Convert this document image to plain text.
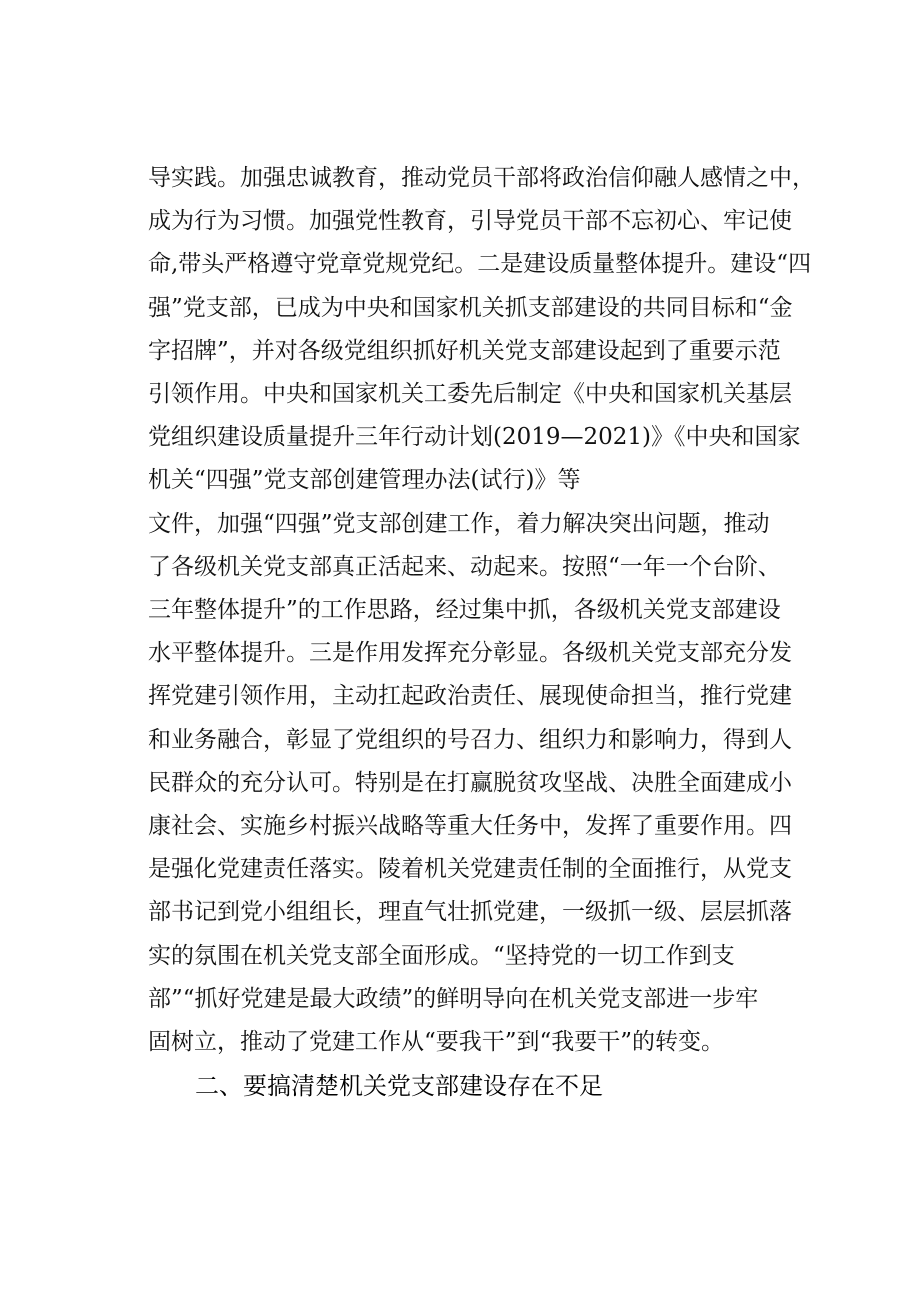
导实践。加强忠诚教育，推动党员干部将政治信仰融人感情之中，
成为行为习惯。加强党性教育，引导党员干部不忘初心、牢记使
命,带头严格遵守党章党规党纪。二是建设质量整体提升。建设“四
强”党支部，已成为中央和国家机关抓支部建设的共同目标和“金
字招牌”，并对各级党组织抓好机关党支部建设起到了重要示范
引领作用。中央和国家机关工委先后制定《中央和国家机关基层
党组织建设质量提升三年行动计划(2019—2021)》《中央和国家
机关“四强”党支部创建管理办法(试行)》等
文件，加强“四强”党支部创建工作，着力解决突出问题，推动
了各级机关党支部真正活起来、动起来。按照“一年一个台阶、
三年整体提升”的工作思路，经过集中抓，各级机关党支部建设
水平整体提升。三是作用发挥充分彰显。各级机关党支部充分发
挥党建引领作用，主动扛起政治责任、展现使命担当，推行党建
和业务融合，彰显了党组织的号召力、组织力和影响力，得到人
民群众的充分认可。特别是在打赢脱贫攻坚战、决胜全面建成小
康社会、实施乡村振兴战略等重大任务中，发挥了重要作用。四
是强化党建责任落实。陵着机关党建责任制的全面推行，从党支
部书记到党小组组长，理直气壮抓党建，一级抓一级、层层抓落
实的氛围在机关党支部全面形成。“坚持党的一切工作到支
部”“抓好党建是最大政绩”的鲜明导向在机关党支部进一步牢
固树立，推动了党建工作从“要我干”到“我要干”的转变。
二、要搞清楚机关党支部建设存在不足
